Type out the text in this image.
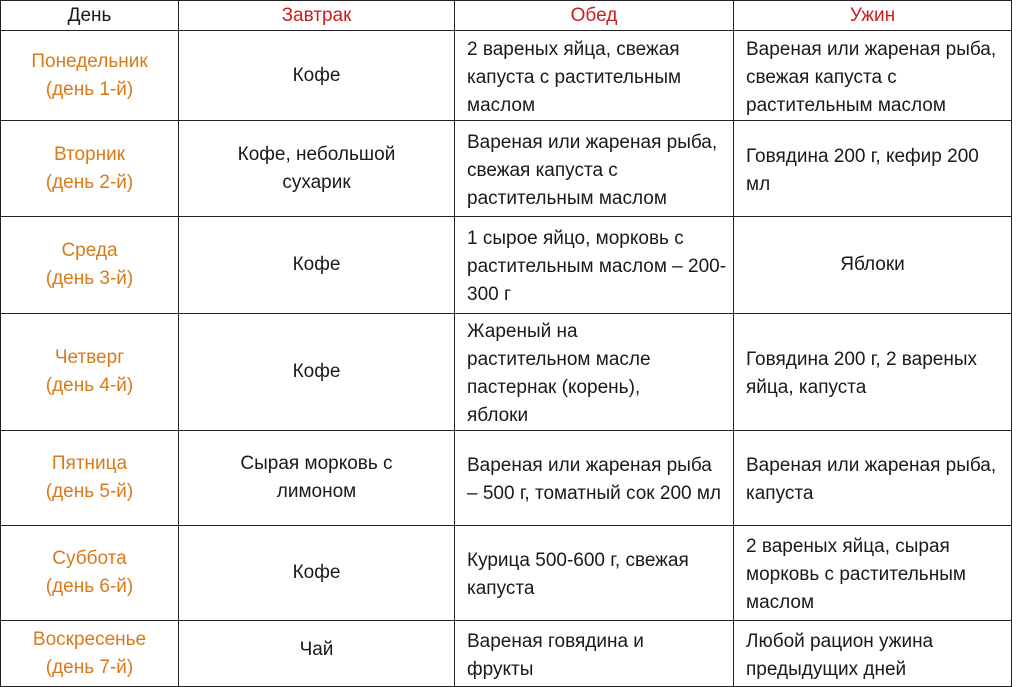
День	Завтрак	Обед	Ужин

Понедельник
(день 1-й)	Кофе	2 вареных яйца, свежая капуста с растительным маслом	Вареная или жареная рыба, свежая капуста с растительным маслом

Вторник
(день 2-й)	Кофе, небольшой сухарик	Вареная или жареная рыба, свежая капуста с растительным маслом	Говядина 200 г, кефир 200 мл

Среда
(день 3-й)	Кофе	1 сырое яйцо, морковь с растительным маслом – 200-300 г	Яблоки

Четверг
(день 4-й)	Кофе	Жареный на растительном масле пастернак (корень), яблоки	Говядина 200 г, 2 вареных яйца, капуста

Пятница
(день 5-й)	Сырая морковь с лимоном	Вареная или жареная рыба – 500 г, томатный сок 200 мл	Вареная или жареная рыба, капуста

Суббота
(день 6-й)	Кофе	Курица 500-600 г, свежая капуста	2 вареных яйца, сырая морковь с растительным маслом

Воскресенье
(день 7-й)	Чай	Вареная говядина и фрукты	Любой рацион ужина предыдущих дней
